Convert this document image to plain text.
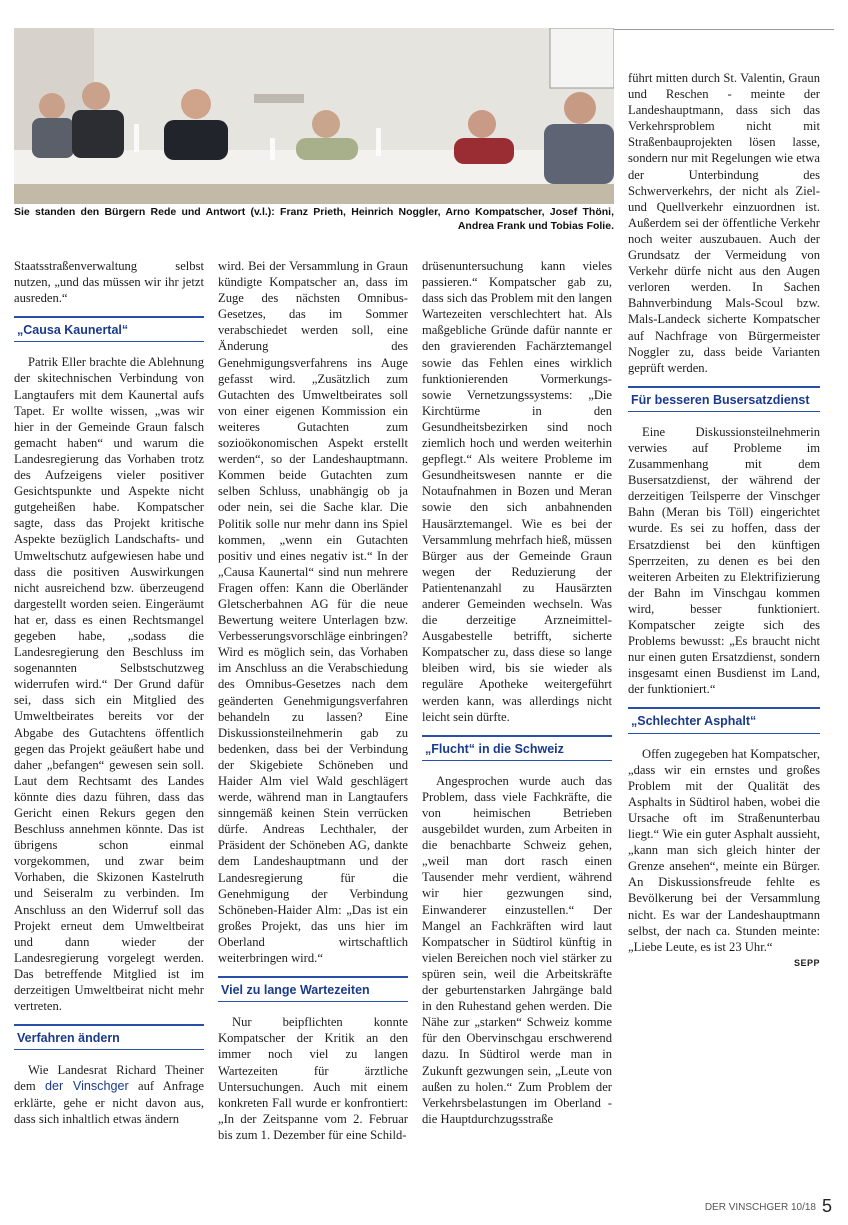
Sie standen den Bürgern Rede und Antwort (v.l.): Franz Prieth, Heinrich Noggler, Arno Kompatscher, Josef Thöni, Andrea Frank und Tobias Folie.

Staatsstraßenverwaltung selbst nutzen, „und das müssen wir ihr jetzt ausreden.“

„Causa Kaunertal“

Patrik Eller brachte die Ablehnung der skitechnischen Verbindung von Langtaufers mit dem Kaunertal aufs Tapet. Er wollte wissen, „was wir hier in der Gemeinde Graun falsch gemacht haben“ und warum die Landesregierung das Vorhaben trotz des Aufzeigens vieler positiver Gesichtspunkte und Aspekte nicht gutgeheißen habe. Kompatscher sagte, dass das Projekt kritische Aspekte bezüglich Landschafts- und Umweltschutz aufgewiesen habe und dass die positiven Auswirkungen nicht ausreichend bzw. überzeugend dargestellt worden seien. Eingeräumt hat er, dass es einen Rechtsmangel gegeben habe, „sodass die Landesregierung den Beschluss im sogenannten Selbstschutzweg widerrufen wird.“ Der Grund dafür sei, dass sich ein Mitglied des Umweltbeirates bereits vor der Abgabe des Gutachtens öffentlich gegen das Projekt geäußert habe und daher „befangen“ gewesen sein soll. Laut dem Rechtsamt des Landes könnte dies dazu führen, dass das Gericht einen Rekurs gegen den Beschluss annehmen könnte. Das ist übrigens schon einmal vorgekommen, und zwar beim Vorhaben, die Skizonen Kastelruth und Seiseralm zu verbinden. Im Anschluss an den Widerruf soll das Projekt erneut dem Umweltbeirat und dann wieder der Landesregierung vorgelegt werden. Das betreffende Mitglied ist im derzeitigen Umweltbeirat nicht mehr vertreten.

Verfahren ändern

Wie Landesrat Richard Theiner dem der Vinschger auf Anfrage erklärte, gehe er nicht davon aus, dass sich inhaltlich etwas ändern

wird. Bei der Versammlung in Graun kündigte Kompatscher an, dass im Zuge des nächsten Omnibus-Gesetzes, das im Sommer verabschiedet werden soll, eine Änderung des Genehmigungsverfahrens ins Auge gefasst wird. „Zusätzlich zum Gutachten des Umweltbeirates soll von einer eigenen Kommission ein weiteres Gutachten zum sozioökonomischen Aspekt erstellt werden“, so der Landeshauptmann. Kommen beide Gutachten zum selben Schluss, unabhängig ob ja oder nein, sei die Sache klar. Die Politik solle nur mehr dann ins Spiel kommen, „wenn ein Gutachten positiv und eines negativ ist.“ In der „Causa Kaunertal“ sind nun mehrere Fragen offen: Kann die Oberländer Gletscherbahnen AG für die neue Bewertung weitere Unterlagen bzw. Verbesserungsvorschläge einbringen? Wird es möglich sein, das Vorhaben im Anschluss an die Verabschiedung des Omnibus-Gesetzes nach dem geänderten Genehmigungsverfahren behandeln zu lassen? Eine Diskussionsteilnehmerin gab zu bedenken, dass bei der Verbindung der Skigebiete Schöneben und Haider Alm viel Wald geschlägert werde, während man in Langtaufers sinngemäß keinen Stein verrücken dürfe. Andreas Lechthaler, der Präsident der Schöneben AG, dankte dem Landeshauptmann und der Landesregierung für die Genehmigung der Verbindung Schöneben-Haider Alm: „Das ist ein großes Projekt, das uns hier im Oberland wirtschaftlich weiterbringen wird.“

Viel zu lange Wartezeiten

Nur beipflichten konnte Kompatscher der Kritik an den immer noch viel zu langen Wartezeiten für ärztliche Untersuchungen. Auch mit einem konkreten Fall wurde er konfrontiert: „In der Zeitspanne vom 2. Februar bis zum 1. Dezember für eine Schild-

drüsenuntersuchung kann vieles passieren.“ Kompatscher gab zu, dass sich das Problem mit den langen Wartezeiten verschlechtert hat. Als maßgebliche Gründe dafür nannte er den gravierenden Fachärztemangel sowie das Fehlen eines wirklich funktionierenden Vormerkungs- sowie Vernetzungssystems: „Die Kirchtürme in den Gesundheitsbezirken sind noch ziemlich hoch und werden weiterhin gepflegt.“ Als weitere Probleme im Gesundheitswesen nannte er die Notaufnahmen in Bozen und Meran sowie den sich anbahnenden Hausärztemangel. Wie es bei der Versammlung mehrfach hieß, müssen Bürger aus der Gemeinde Graun wegen der Reduzierung der Patientenanzahl zu Hausärzten anderer Gemeinden wechseln. Was die derzeitige Arzneimittel-Ausgabestelle betrifft, sicherte Kompatscher zu, dass diese so lange bleiben wird, bis sie wieder als reguläre Apotheke weitergeführt werden kann, was allerdings nicht leicht sein dürfte.

„Flucht“ in die Schweiz

Angesprochen wurde auch das Problem, dass viele Fachkräfte, die von heimischen Betrieben ausgebildet wurden, zum Arbeiten in die benachbarte Schweiz gehen, „weil man dort rasch einen Tausender mehr verdient, während wir hier gezwungen sind, Einwanderer einzustellen.“ Der Mangel an Fachkräften wird laut Kompatscher in Südtirol künftig in vielen Bereichen noch viel stärker zu spüren sein, weil die Arbeitskräfte der geburtenstarken Jahrgänge bald in den Ruhestand gehen werden. Die Nähe zur „starken“ Schweiz komme für den Obervinschgau erschwerend dazu. In Südtirol werde man in Zukunft gezwungen sein, „Leute von außen zu holen.“ Zum Problem der Verkehrsbelastungen im Oberland - die Hauptdurchzugsstraße

führt mitten durch St. Valentin, Graun und Reschen - meinte der Landeshauptmann, dass sich das Verkehrsproblem nicht mit Straßenbauprojekten lösen lasse, sondern nur mit Regelungen wie etwa der Unterbindung des Schwerverkehrs, der nicht als Ziel- und Quellverkehr einzuordnen ist. Außerdem sei der öffentliche Verkehr noch weiter auszubauen. Auch der Grundsatz der Vermeidung von Verkehr dürfe nicht aus den Augen verloren werden. In Sachen Bahnverbindung Mals-Scoul bzw. Mals-Landeck sicherte Kompatscher auf Nachfrage von Bürgermeister Noggler zu, dass beide Varianten geprüft werden.

Für besseren Busersatzdienst

Eine Diskussionsteilnehmerin verwies auf Probleme im Zusammenhang mit dem Busersatzdienst, der während der derzeitigen Teilsperre der Vinschger Bahn (Meran bis Töll) eingerichtet wurde. Es sei zu hoffen, dass der Ersatzdienst bei den künftigen Sperrzeiten, zu denen es bei den weiteren Arbeiten zu Elektrifizierung der Bahn im Vinschgau kommen wird, besser funktioniert. Kompatscher zeigte sich des Problems bewusst: „Es braucht nicht nur einen guten Ersatzdienst, sondern insgesamt einen Busdienst im Land, der funktioniert.“

„Schlechter Asphalt“

Offen zugegeben hat Kompatscher, „dass wir ein ernstes und großes Problem mit der Qualität des Asphalts in Südtirol haben, wobei die Ursache oft im Straßenunterbau liegt.“ Wie ein guter Asphalt aussieht, „kann man sich gleich hinter der Grenze ansehen“, meinte ein Bürger. An Diskussionsfreude fehlte es Bevölkerung bei der Versammlung nicht. Es war der Landeshauptmann selbst, der nach ca. Stunden meinte: „Liebe Leute, es ist 23 Uhr.“

SEPP
DER VINSCHGER 10/18 5
